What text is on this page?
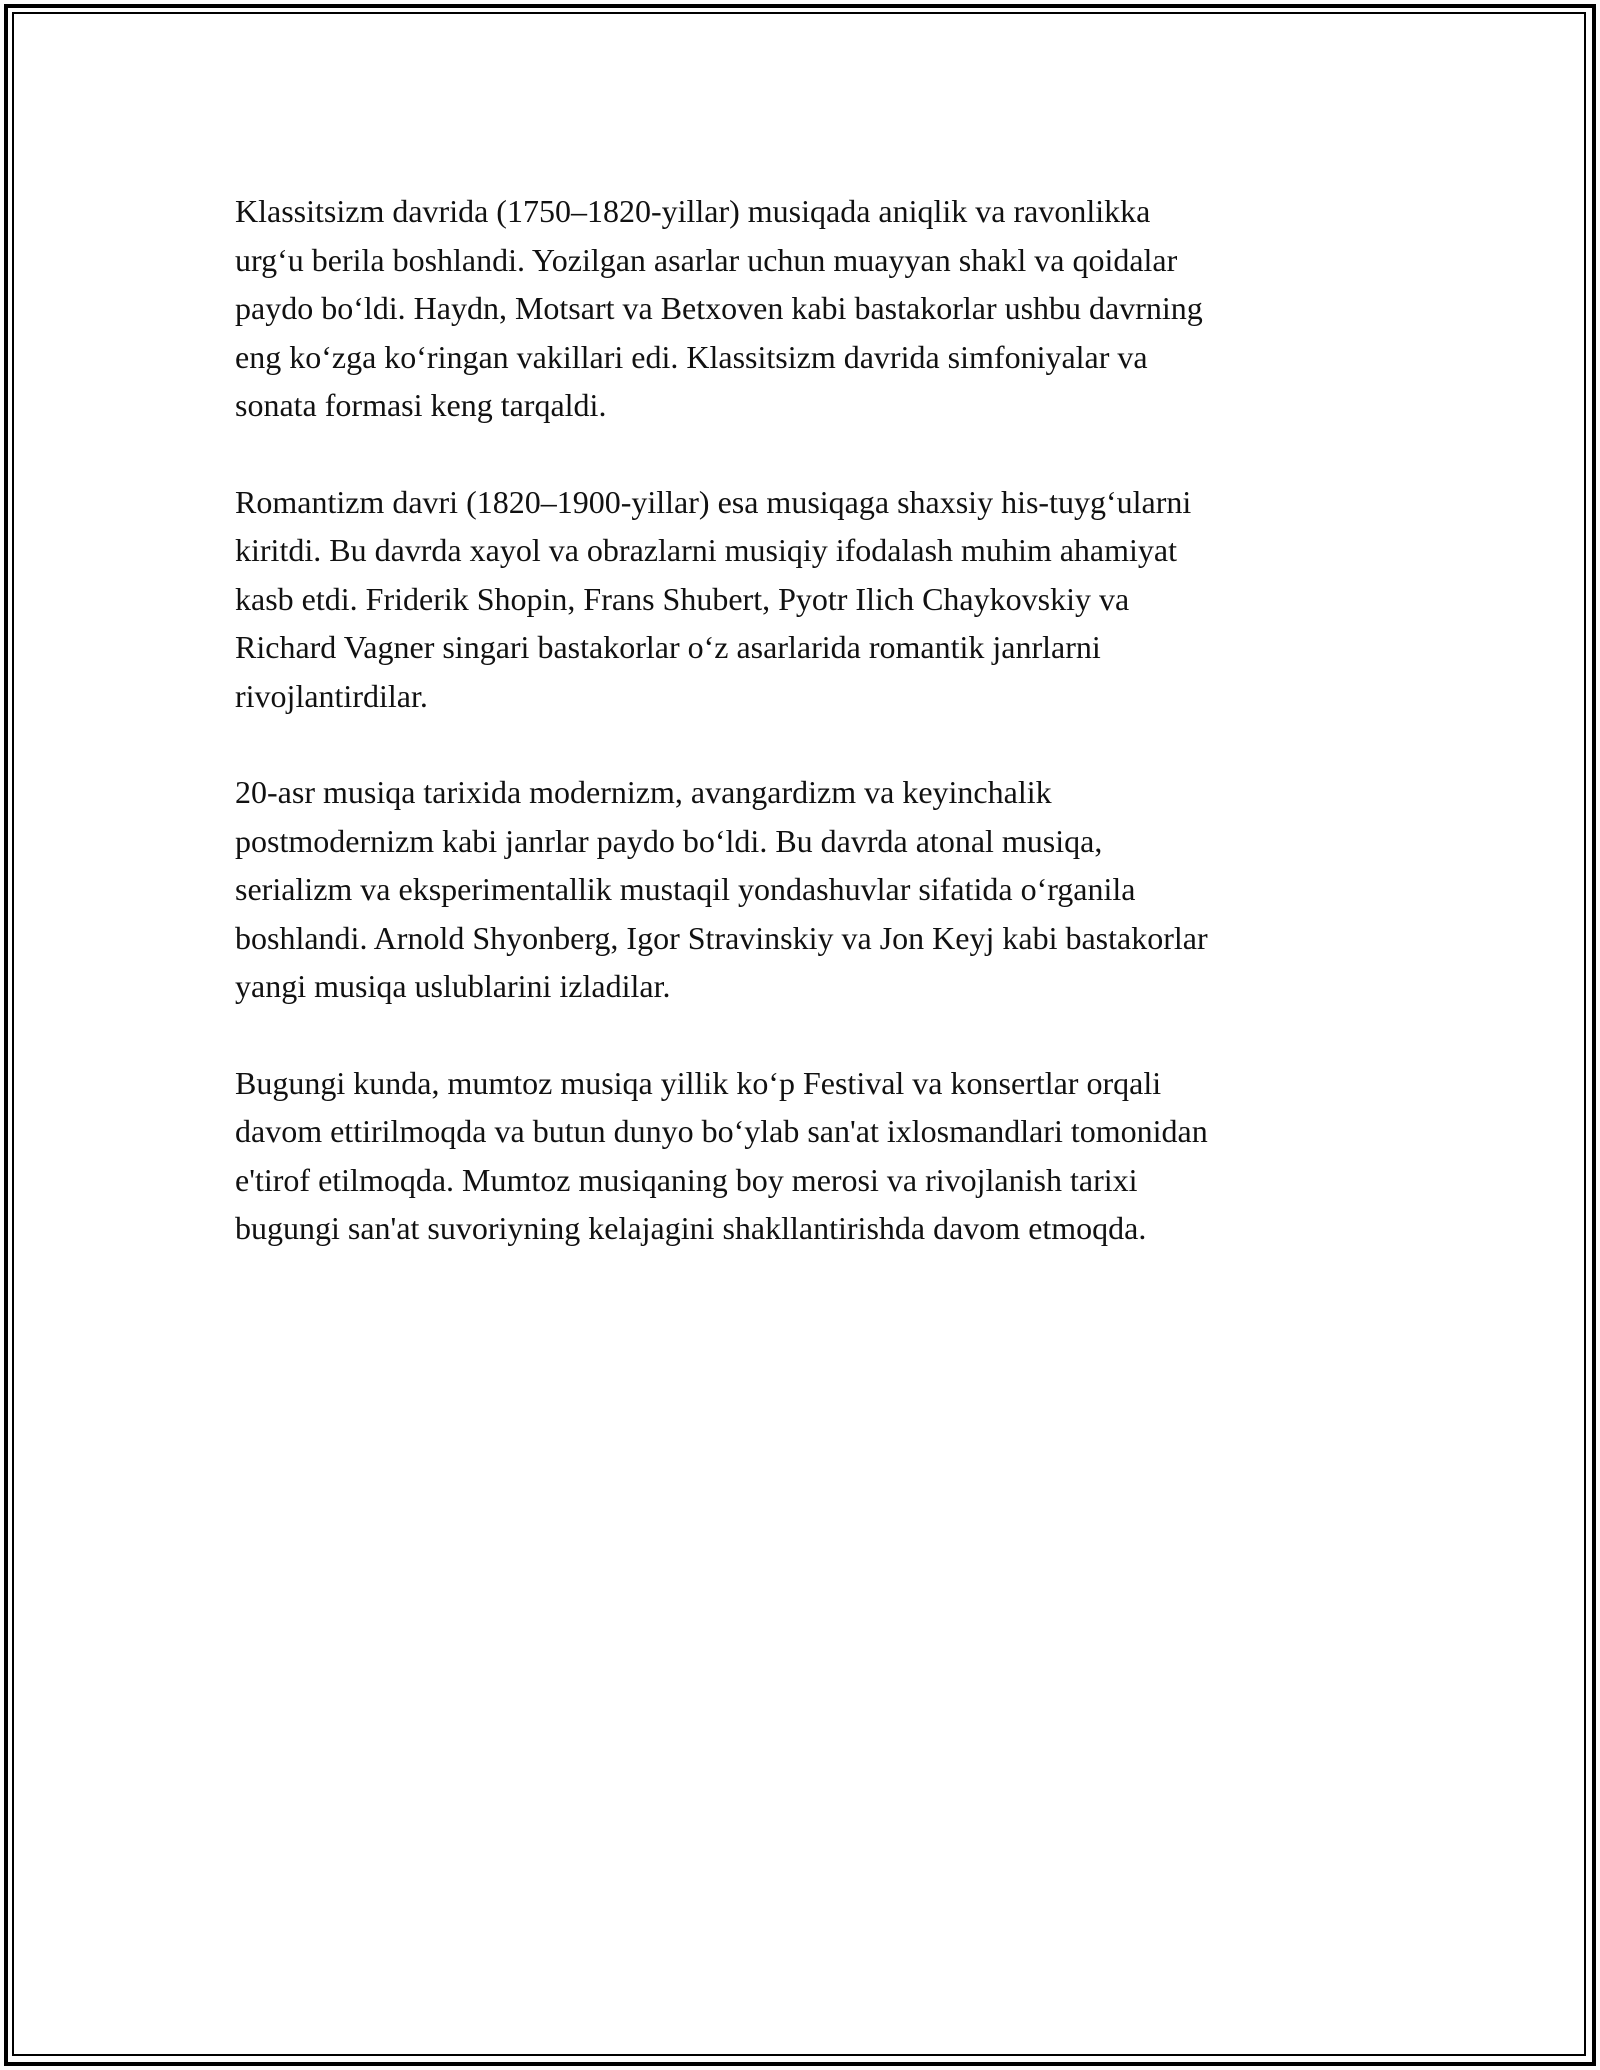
Klassitsizm davrida (1750–1820-yillar) musiqada aniqlik va ravonlikka
urg‘u berila boshlandi. Yozilgan asarlar uchun muayyan shakl va qoidalar
paydo bo‘ldi. Haydn, Motsart va Betxoven kabi bastakorlar ushbu davrning
eng ko‘zga ko‘ringan vakillari edi. Klassitsizm davrida simfoniyalar va
sonata formasi keng tarqaldi.

Romantizm davri (1820–1900-yillar) esa musiqaga shaxsiy his-tuyg‘ularni
kiritdi. Bu davrda xayol va obrazlarni musiqiy ifodalash muhim ahamiyat
kasb etdi. Friderik Shopin, Frans Shubert, Pyotr Ilich Chaykovskiy va
Richard Vagner singari bastakorlar o‘z asarlarida romantik janrlarni
rivojlantirdilar.

20-asr musiqa tarixida modernizm, avangardizm va keyinchalik
postmodernizm kabi janrlar paydo bo‘ldi. Bu davrda atonal musiqa,
serializm va eksperimentallik mustaqil yondashuvlar sifatida o‘rganila
boshlandi. Arnold Shyonberg, Igor Stravinskiy va Jon Keyj kabi bastakorlar
yangi musiqa uslublarini izladilar.

Bugungi kunda, mumtoz musiqa yillik ko‘p Festival va konsertlar orqali
davom ettirilmoqda va butun dunyo bo‘ylab san'at ixlosmandlari tomonidan
e'tirof etilmoqda. Mumtoz musiqaning boy merosi va rivojlanish tarixi
bugungi san'at suvoriyning kelajagini shakllantirishda davom etmoqda.
